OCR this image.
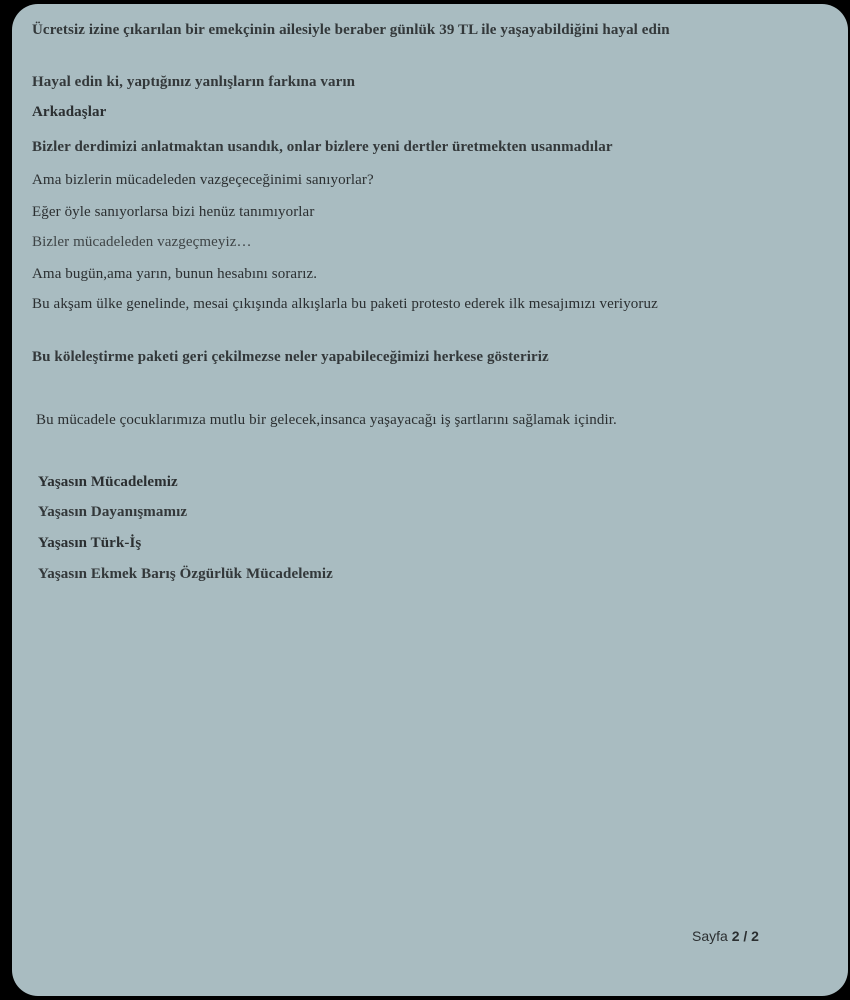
Ücretsiz izine çıkarılan bir emekçinin ailesiyle beraber günlük 39 TL ile yaşayabildiğini hayal edin

Hayal edin ki, yaptığınız yanlışların farkına varın

Arkadaşlar

Bizler derdimizi anlatmaktan usandık, onlar bizlere yeni dertler üretmekten usanmadılar

Ama bizlerin mücadeleden vazgeçeceğinimi sanıyorlar?

Eğer öyle sanıyorlarsa bizi henüz tanımıyorlar

Bizler mücadeleden vazgeçmeyiz…

Ama bugün,ama yarın, bunun hesabını sorarız.

Bu akşam ülke genelinde, mesai çıkışında alkışlarla bu paketi protesto ederek ilk mesajımızı veriyoruz

Bu köleleştirme paketi geri çekilmezse neler yapabileceğimizi herkese gösteririz

Bu mücadele çocuklarımıza mutlu bir gelecek,insanca yaşayacağı iş şartlarını sağlamak içindir.

Yaşasın Mücadelemiz

Yaşasın Dayanışmamız

Yaşasın Türk-İş

Yaşasın Ekmek Barış Özgürlük Mücadelemiz

Sayfa 2 / 2
